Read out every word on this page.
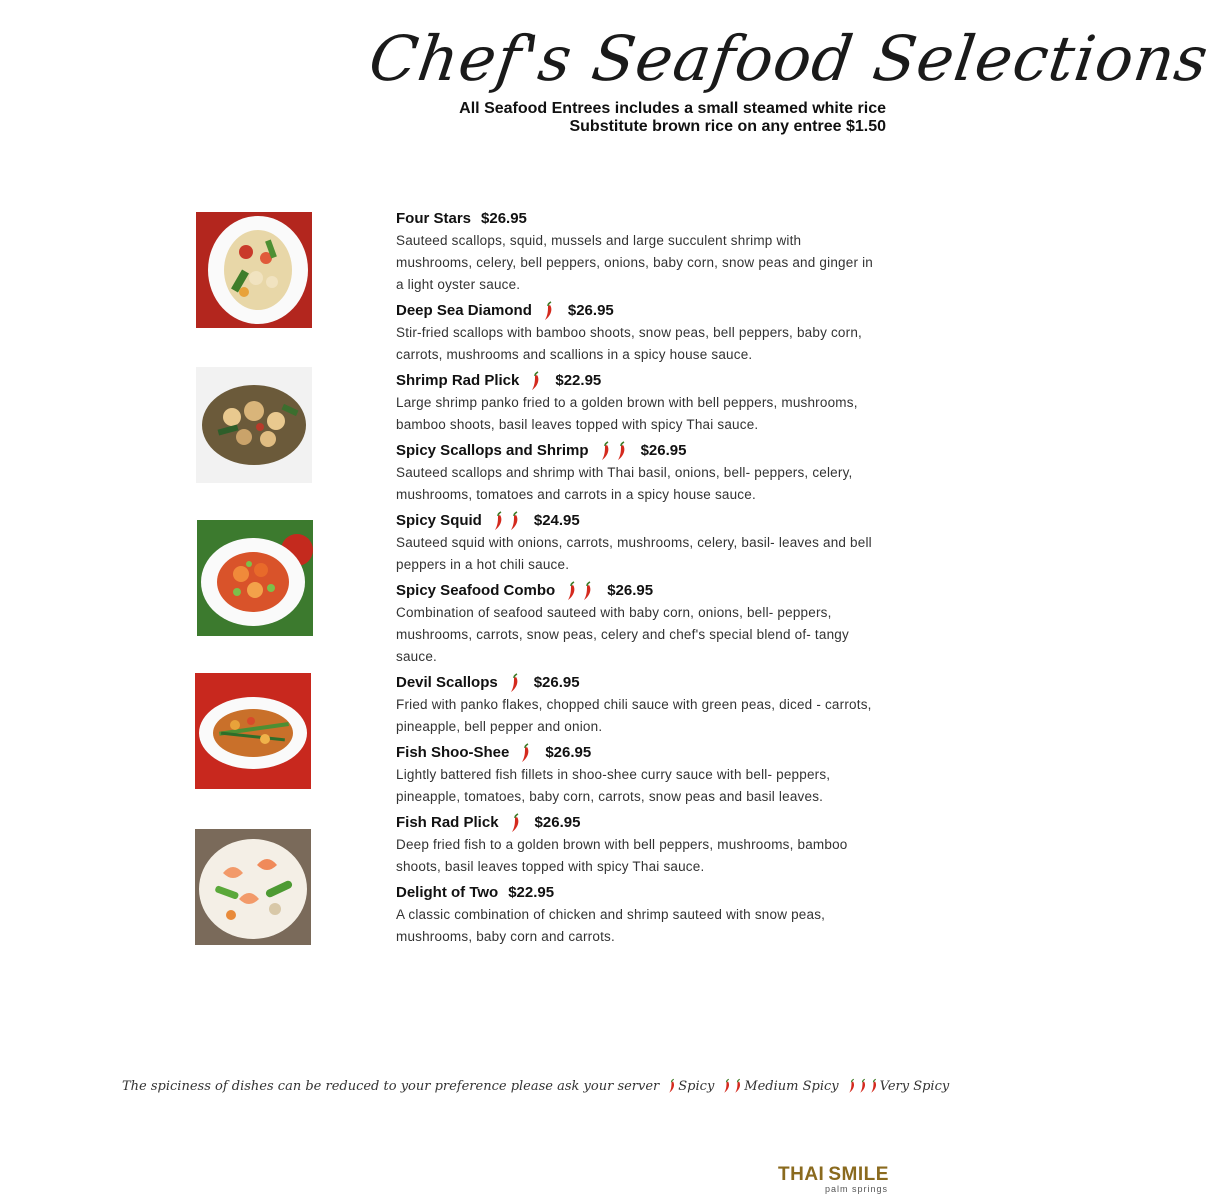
Chef's Seafood Selections
All Seafood Entrees includes a small steamed white rice
Substitute brown rice on any entree $1.50
Four Stars $26.95
Sauteed scallops, squid, mussels and large succulent shrimp with mushrooms, celery, bell peppers, onions, baby corn, snow peas and ginger in a light oyster sauce.
Deep Sea Diamond $26.95
Stir-fried scallops with bamboo shoots, snow peas, bell peppers, baby corn, carrots, mushrooms and scallions in a spicy house sauce.
Shrimp Rad Plick $22.95
Large shrimp panko fried to a golden brown with bell peppers, mushrooms, bamboo shoots, basil leaves topped with spicy Thai sauce.
Spicy Scallops and Shrimp	$26.95
Sauteed scallops and shrimp with Thai basil, onions, bell- peppers, celery, mushrooms, tomatoes and carrots in a spicy house sauce.
Spicy Squid	$24.95
Sauteed squid with onions, carrots, mushrooms, celery, basil- leaves and bell peppers in a hot chili sauce.
Spicy Seafood Combo	$26.95
Combination of seafood sauteed with baby corn, onions, bell- peppers, mushrooms, carrots, snow peas, celery and chef's special blend of- tangy sauce.
Devil Scallops $26.95
Fried with panko flakes, chopped chili sauce with green peas, diced - carrots, pineapple, bell pepper and onion.
Fish Shoo-Shee $26.95
Lightly battered fish fillets in shoo-shee curry sauce with bell- peppers, pineapple, tomatoes, baby corn, carrots, snow peas and basil leaves.
Fish Rad Plick $26.95
Deep fried fish to a golden brown with bell peppers, mushrooms, bamboo shoots, basil leaves topped with spicy Thai sauce.
Delight of Two $22.95
A classic combination of chicken and shrimp sauteed with snow peas, mushrooms, baby corn and carrots.
The spiciness of dishes can be reduced to your preference please ask your server Spicy Medium Spicy	Very Spicy
THAI SMILE
palm springs
